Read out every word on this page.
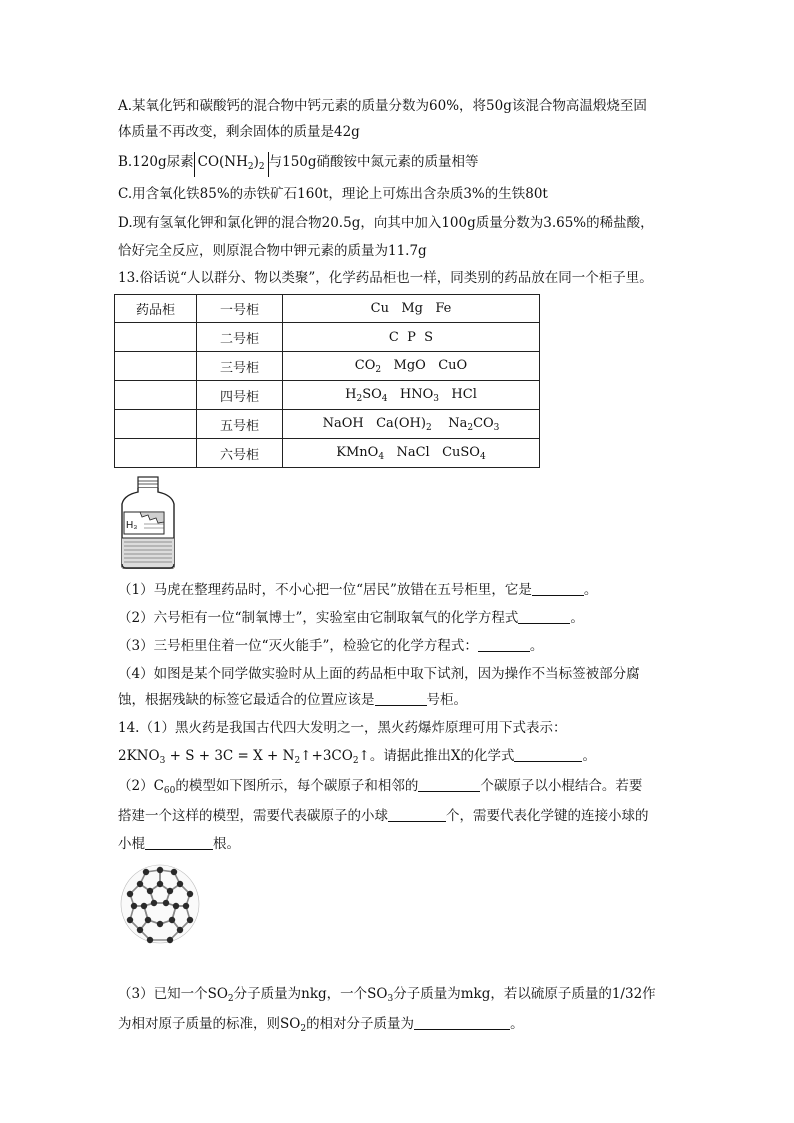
A.某氧化钙和碳酸钙的混合物中钙元素的质量分数为60%，将50g该混合物高温煅烧至固
体质量不再改变，剩余固体的质量是42g
B.120g尿素 $CO(NH_2)_2$ 与150g硝酸铵中氮元素的质量相等
C.用含氧化铁85%的赤铁矿石160t，理论上可炼出含杂质3%的生铁80t
D.现有氢氧化钾和氯化钾的混合物20.5g，向其中加入100g质量分数为3.65%的稀盐酸，
恰好完全反应，则原混合物中钾元素的质量为11.7g
13.俗话说“人以群分、物以类聚”，化学药品柜也一样，同类别的药品放在同一个柜子里。
药品柜	一号柜	Cu   Mg   Fe
	二号柜	C  P  S
	三号柜	$CO_2$   MgO   CuO
	四号柜	$H_2SO_4$   $HNO_3$   HCl
	五号柜	NaOH   $Ca(OH)_2$    $Na_2CO_3$
	六号柜	KMnO$_4$   NaCl   CuSO$_4$
H₃
（1）马虎在整理药品时，不小心把一位“居民”放错在五号柜里，它是	。
（2）六号柜有一位“制氧博士”，实验室由它制取氧气的化学方程式	。
（3）三号柜里住着一位“灭火能手”，检验它的化学方程式：	。
（4）如图是某个同学做实验时从上面的药品柜中取下试剂，因为操作不当标签被部分腐
蚀，根据残缺的标签它最适合的位置应该是	号柜。
14.（1）黑火药是我国古代四大发明之一，黑火药爆炸原理可用下式表示：
$2KNO_3 + S + 3C = X$ + $N_2↑+3CO_2↑$。请据此推出X的化学式	。
$(2)C_{60}$的模型如下图所示，每个碳原子和相邻的	个碳原子以小棍结合。若要
搭建一个这样的模型，需要代表碳原子的小球	个，需要代表化学键的连接小球的
小棍	根。
（3）已知一个$SO_2$分子质量为nkg，一个$SO_3$分子质量为mkg，若以硫原子质量的1/32作
为相对原子质量的标准，则$SO_2$的相对分子质量为	。
